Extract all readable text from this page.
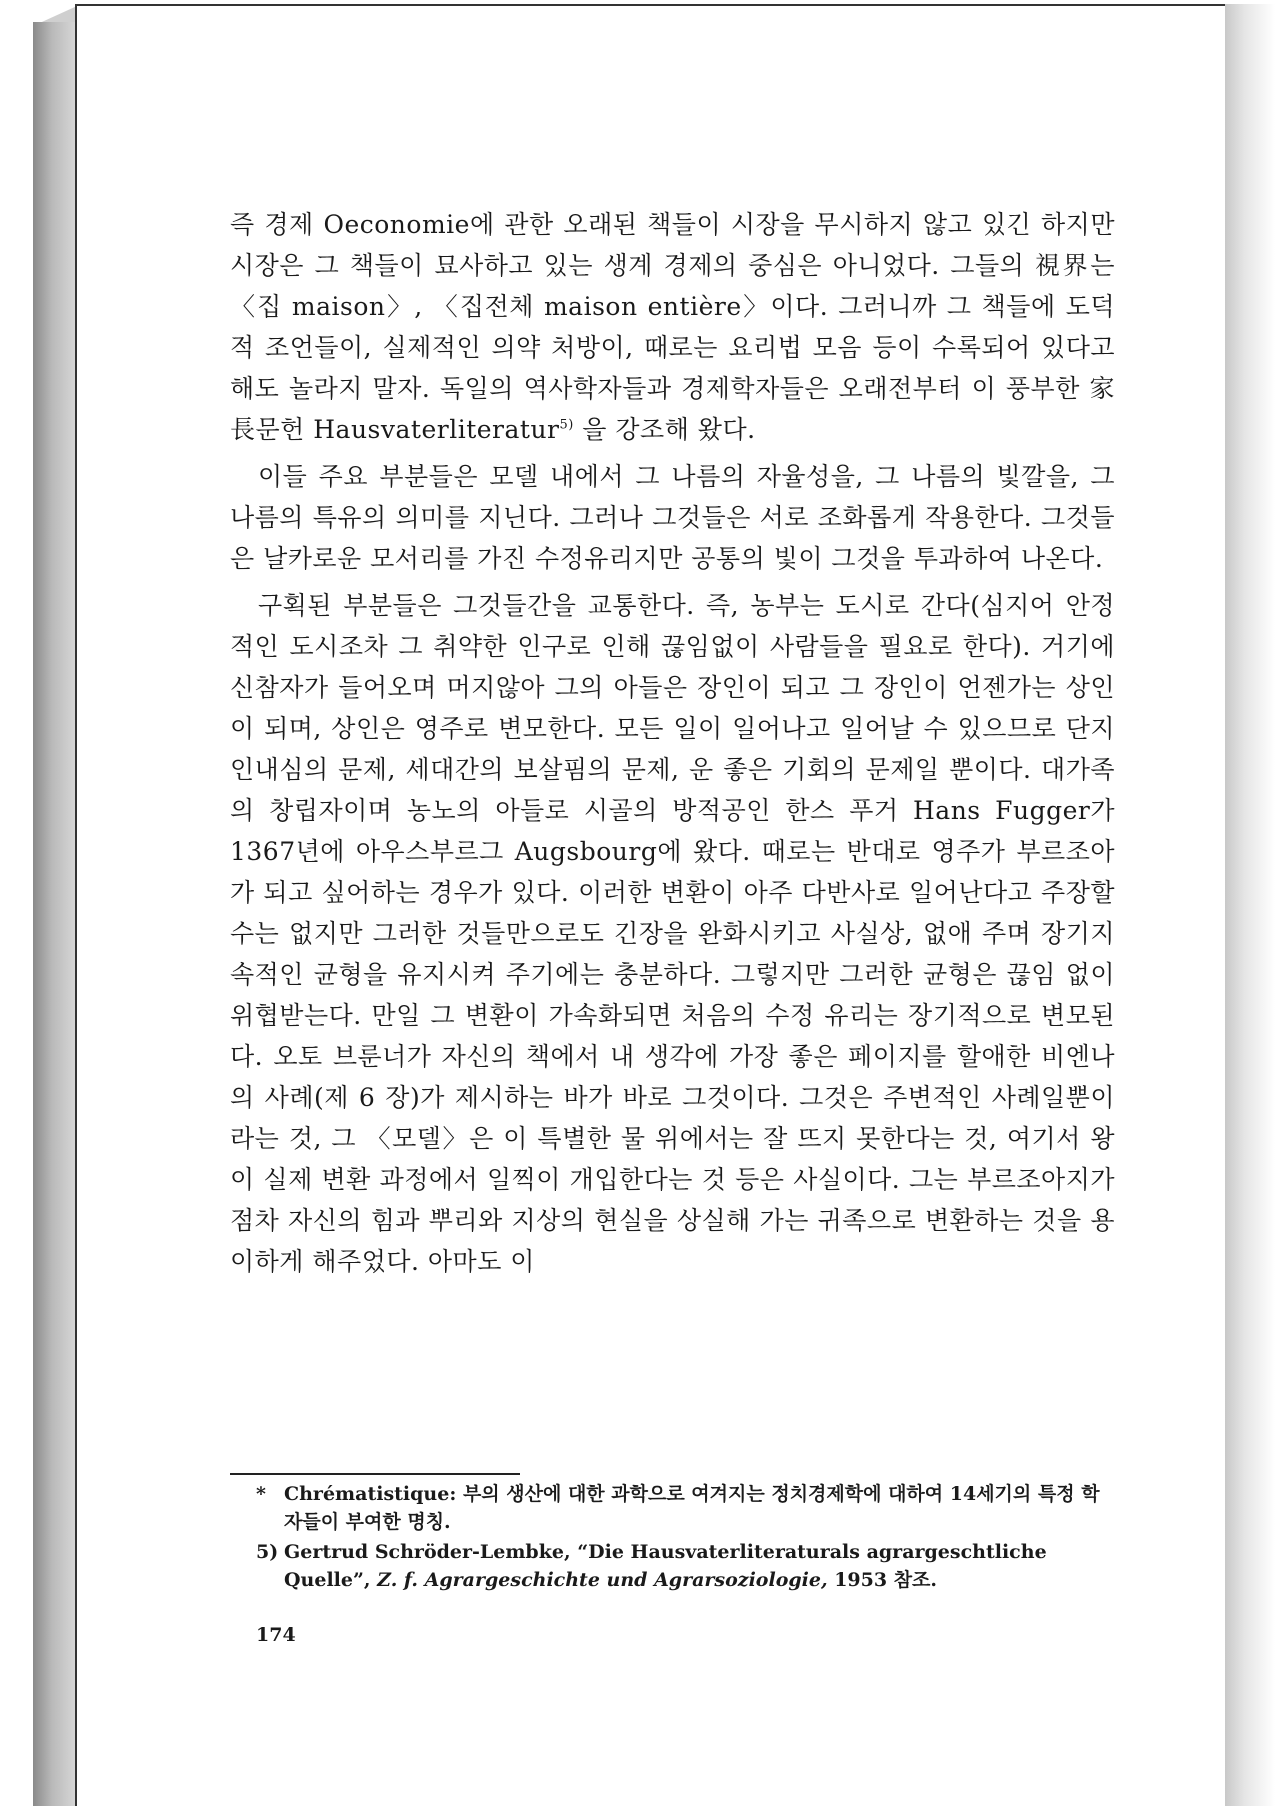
즉 경제 Oeconomie에 관한 오래된 책들이 시장을 무시하지 않고 있긴 하지만 시장은 그 책들이 묘사하고 있는 생계 경제의 중심은 아니었다. 그들의 視界는 〈집 maison〉, 〈집전체 maison entière〉이다. 그러니까 그 책들에 도덕적 조언들이, 실제적인 의약 처방이, 때로는 요리법 모음 등이 수록되어 있다고 해도 놀라지 말자. 독일의 역사학자들과 경제학자들은 오래전부터 이 풍부한 家長문헌 Hausvaterliteratur$^{5)}$ 을 강조해 왔다.

이들 주요 부분들은 모델 내에서 그 나름의 자율성을, 그 나름의 빛깔을, 그 나름의 특유의 의미를 지닌다. 그러나 그것들은 서로 조화롭게 작용한다. 그것들은 날카로운 모서리를 가진 수정유리지만 공통의 빛이 그것을 투과하여 나온다.

구획된 부분들은 그것들간을 교통한다. 즉, 농부는 도시로 간다(심지어 안정적인 도시조차 그 취약한 인구로 인해 끊임없이 사람들을 필요로 한다). 거기에 신참자가 들어오며 머지않아 그의 아들은 장인이 되고 그 장인이 언젠가는 상인이 되며, 상인은 영주로 변모한다. 모든 일이 일어나고 일어날 수 있으므로 단지 인내심의 문제, 세대간의 보살핌의 문제, 운 좋은 기회의 문제일 뿐이다. 대가족의 창립자이며 농노의 아들로 시골의 방적공인 한스 푸거 Hans Fugger가 1367년에 아우스부르그 Augsbourg에 왔다. 때로는 반대로 영주가 부르조아가 되고 싶어하는 경우가 있다. 이러한 변환이 아주 다반사로 일어난다고 주장할 수는 없지만 그러한 것들만으로도 긴장을 완화시키고 사실상, 없애 주며 장기지속적인 균형을 유지시켜 주기에는 충분하다. 그렇지만 그러한 균형은 끊임 없이 위협받는다. 만일 그 변환이 가속화되면 처음의 수정 유리는 장기적으로 변모된다. 오토 브룬너가 자신의 책에서 내 생각에 가장 좋은 페이지를 할애한 비엔나의 사례(제 6 장)가 제시하는 바가 바로 그것이다. 그것은 주변적인 사례일뿐이라는 것, 그 〈모델〉은 이 특별한 물 위에서는 잘 뜨지 못한다는 것, 여기서 왕이 실제 변환 과정에서 일찍이 개입한다는 것 등은 사실이다. 그는 부르조아지가 점차 자신의 힘과 뿌리와 지상의 현실을 상실해 가는 귀족으로 변환하는 것을 용이하게 해주었다. 아마도 이

* Chrématistique: 부의 생산에 대한 과학으로 여겨지는 정치경제학에 대하여 14세기의 특정 학자들이 부여한 명칭.
5) Gertrud Schröder-Lembke, “Die Hausvaterliteraturals agrargeschtliche Quelle”, Z. f. Agrargeschichte und Agrarsoziologie, 1953 참조.
174
